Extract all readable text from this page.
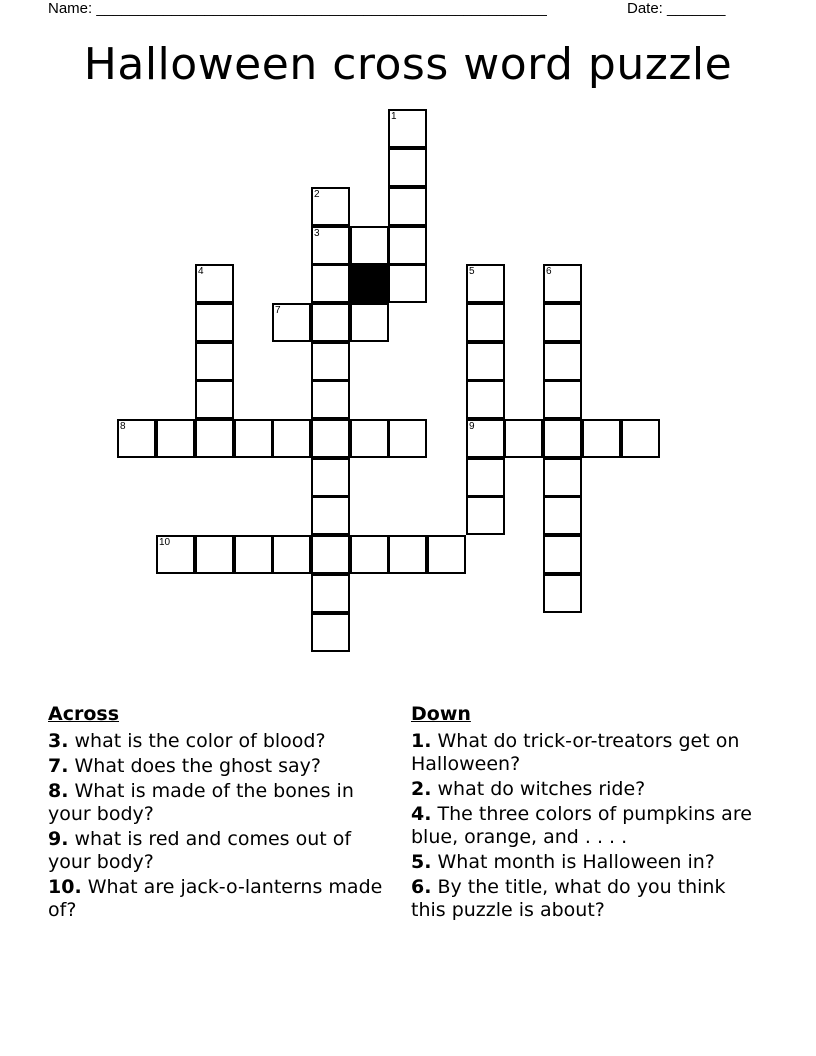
Name: ______________________________________________________	Date: _______
Halloween cross word puzzle
1
2
3
4	5	6
7
8	9
10
Across
3. what is the color of blood?
7. What does the ghost say?
8. What is made of the bones in your body?
9. what is red and comes out of your body?
10. What are jack-o-lanterns made of?
Down
1. What do trick-or-treators get on Halloween?
2. what do witches ride?
4. The three colors of pumpkins are blue, orange, and . . . .
5. What month is Halloween in?
6. By the title, what do you think this puzzle is about?
